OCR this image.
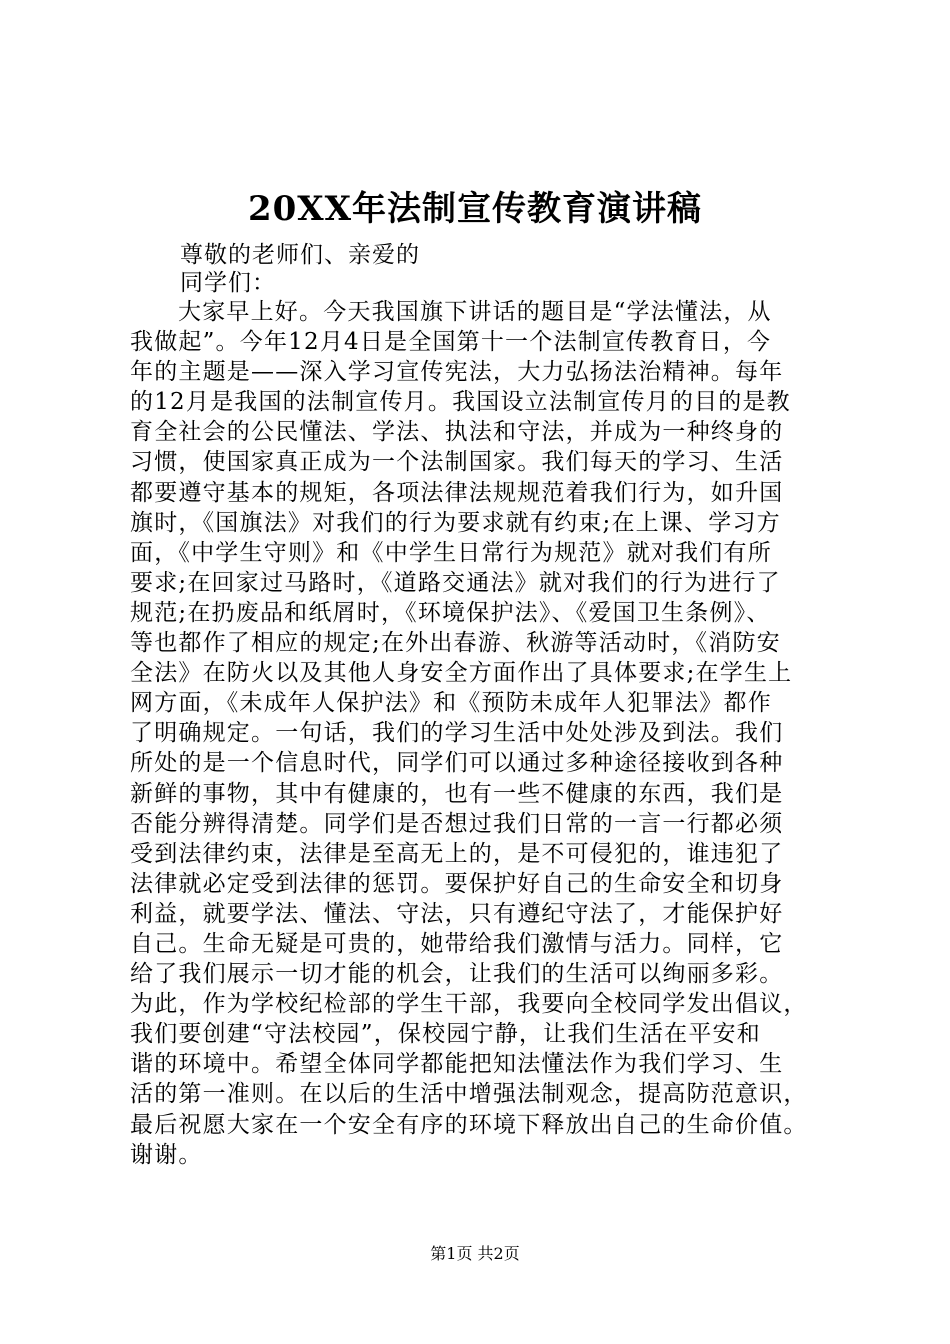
20XX年法制宣传教育演讲稿
尊敬的老师们、亲爱的
同学们：
大家早上好。今天我国旗下讲话的题目是“学法懂法，从
我做起”。今年12月4日是全国第十一个法制宣传教育日，今
年的主题是——深入学习宣传宪法，大力弘扬法治精神。每年
的12月是我国的法制宣传月。我国设立法制宣传月的目的是教
育全社会的公民懂法、学法、执法和守法，并成为一种终身的
习惯，使国家真正成为一个法制国家。我们每天的学习、生活
都要遵守基本的规矩，各项法律法规规范着我们行为，如升国
旗时，《国旗法》对我们的行为要求就有约束;在上课、学习方
面，《中学生守则》和《中学生日常行为规范》就对我们有所
要求;在回家过马路时，《道路交通法》就对我们的行为进行了
规范;在扔废品和纸屑时，《环境保护法》、《爱国卫生条例》、
等也都作了相应的规定;在外出春游、秋游等活动时，《消防安
全法》在防火以及其他人身安全方面作出了具体要求;在学生上
网方面，《未成年人保护法》和《预防未成年人犯罪法》都作
了明确规定。一句话，我们的学习生活中处处涉及到法。我们
所处的是一个信息时代，同学们可以通过多种途径接收到各种
新鲜的事物，其中有健康的，也有一些不健康的东西，我们是
否能分辨得清楚。同学们是否想过我们日常的一言一行都必须
受到法律约束，法律是至高无上的，是不可侵犯的，谁违犯了
法律就必定受到法律的惩罚。要保护好自己的生命安全和切身
利益，就要学法、懂法、守法，只有遵纪守法了，才能保护好
自己。生命无疑是可贵的，她带给我们激情与活力。同样，它
给了我们展示一切才能的机会，让我们的生活可以绚丽多彩。
为此，作为学校纪检部的学生干部，我要向全校同学发出倡议，
我们要创建“守法校园”，保校园宁静，让我们生活在平安和
谐的环境中。希望全体同学都能把知法懂法作为我们学习、生
活的第一准则。在以后的生活中增强法制观念，提高防范意识，
最后祝愿大家在一个安全有序的环境下释放出自己的生命价值。
谢谢。
第1页 共2页
